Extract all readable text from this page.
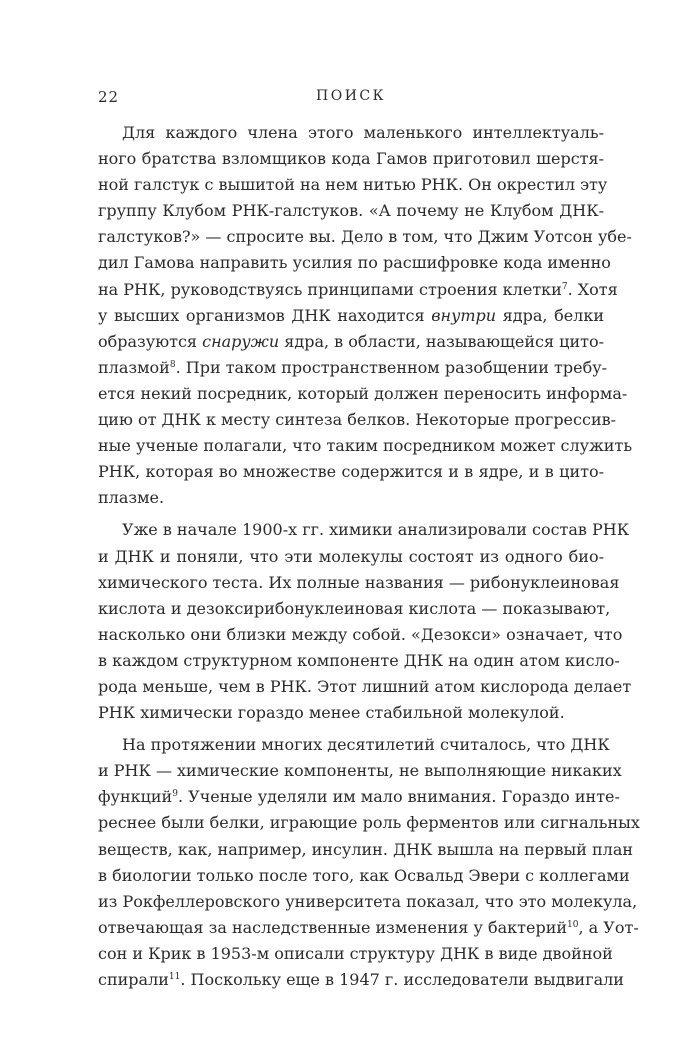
22	ПОИСК
Для каждого члена этого маленького интеллектуаль-
ного братства взломщиков кода Гамов приготовил шерстя-
ной галстук с вышитой на нем нитью РНК. Он окрестил эту
группу Клубом РНК-галстуков. «А почему не Клубом ДНК-
галстуков?» — спросите вы. Дело в том, что Джим Уотсон убе-
дил Гамова направить усилия по расшифровке кода именно
на РНК, руководствуясь принципами строения клетки$^7$. Хотя
у высших организмов ДНК находится внутри ядра, белки
образуются снаружи ядра, в области, называющейся цито-
плазмой$^8$. При таком пространственном разобщении требу-
ется некий посредник, который должен переносить информа-
цию от ДНК к месту синтеза белков. Некоторые прогрессив-
ные ученые полагали, что таким посредником может служить
РНК, которая во множестве содержится и в ядре, и в цито-
плазме.
Уже в начале 1900-х гг. химики анализировали состав РНК
и ДНК и поняли, что эти молекулы состоят из одного био-
химического теста. Их полные названия — рибонуклеиновая
кислота и дезоксирибонуклеиновая кислота — показывают,
насколько они близки между собой. «Дезокси» означает, что
в каждом структурном компоненте ДНК на один атом кисло-
рода меньше, чем в РНК. Этот лишний атом кислорода делает
РНК химически гораздо менее стабильной молекулой.
На протяжении многих десятилетий считалось, что ДНК
и РНК — химические компоненты, не выполняющие никаких
функций$^9$. Ученые уделяли им мало внимания. Гораздо инте-
реснее были белки, играющие роль ферментов или сигнальных
веществ, как, например, инсулин. ДНК вышла на первый план
в биологии только после того, как Освальд Эвери с коллегами
из Рокфеллеровского университета показал, что это молекула,
отвечающая за наследственные изменения у бактерий$^{10}$, а Уот-
сон и Крик в 1953-м описали структуру ДНК в виде двойной
спирали$^{11}$. Поскольку еще в 1947 г. исследователи выдвигали
